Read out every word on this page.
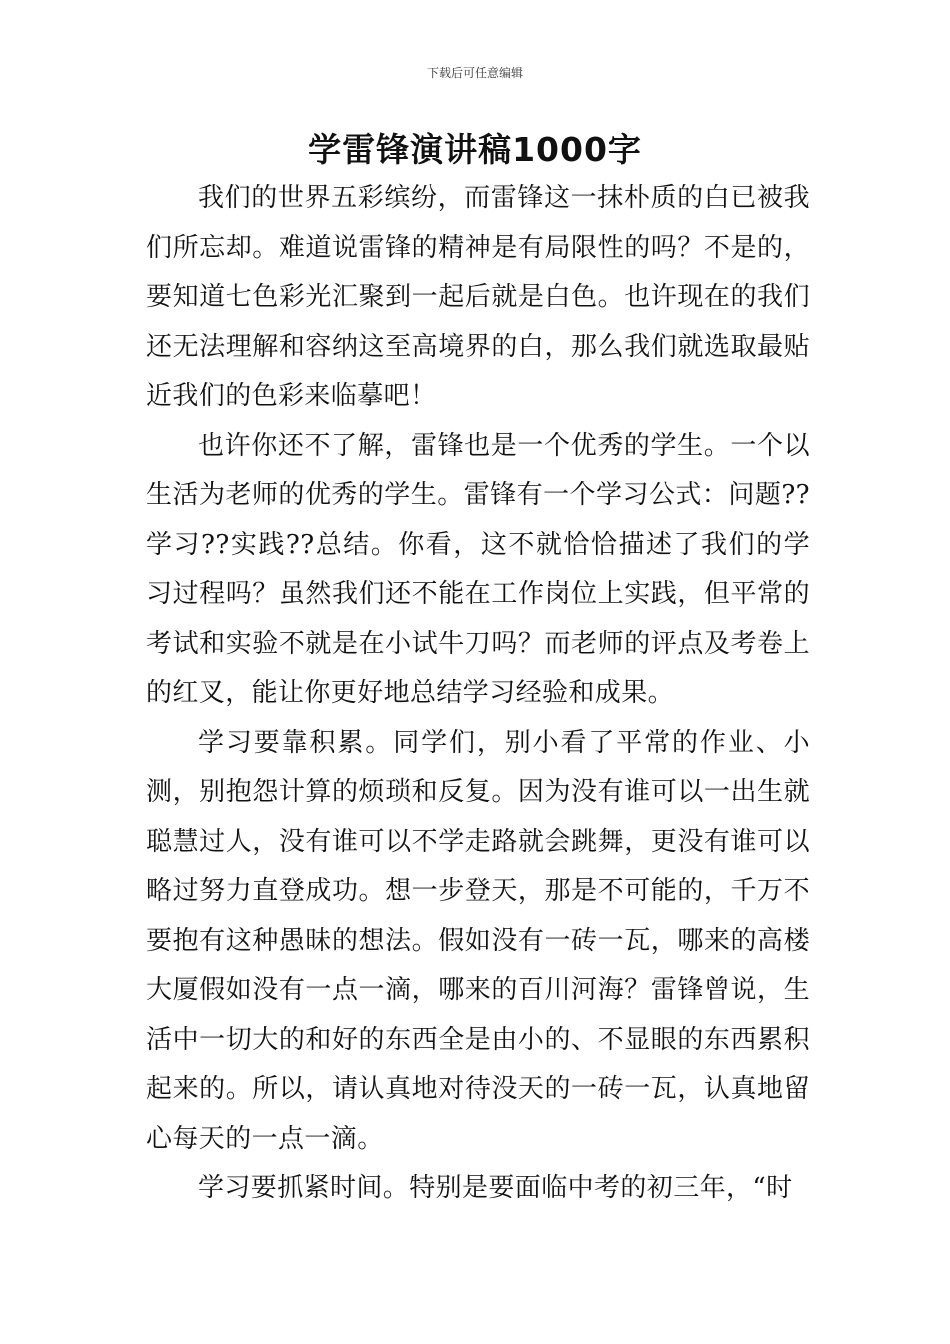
下载后可任意编辑
学雷锋演讲稿1000字

我们的世界五彩缤纷，而雷锋这一抹朴质的白已被我们所忘却。难道说雷锋的精神是有局限性的吗？不是的，要知道七色彩光汇聚到一起后就是白色。也许现在的我们还无法理解和容纳这至高境界的白，那么我们就选取最贴近我们的色彩来临摹吧！

也许你还不了解，雷锋也是一个优秀的学生。一个以生活为老师的优秀的学生。雷锋有一个学习公式：问题??学习??实践??总结。你看，这不就恰恰描述了我们的学习过程吗？虽然我们还不能在工作岗位上实践，但平常的考试和实验不就是在小试牛刀吗？而老师的评点及考卷上的红叉，能让你更好地总结学习经验和成果。

学习要靠积累。同学们，别小看了平常的作业、小测，别抱怨计算的烦琐和反复。因为没有谁可以一出生就聪慧过人，没有谁可以不学走路就会跳舞，更没有谁可以略过努力直登成功。想一步登天，那是不可能的，千万不要抱有这种愚昧的想法。假如没有一砖一瓦，哪来的高楼大厦假如没有一点一滴，哪来的百川河海？雷锋曾说，生活中一切大的和好的东西全是由小的、不显眼的东西累积起来的。所以，请认真地对待没天的一砖一瓦，认真地留心每天的一点一滴。

学习要抓紧时间。特别是要面临中考的初三年，“时
